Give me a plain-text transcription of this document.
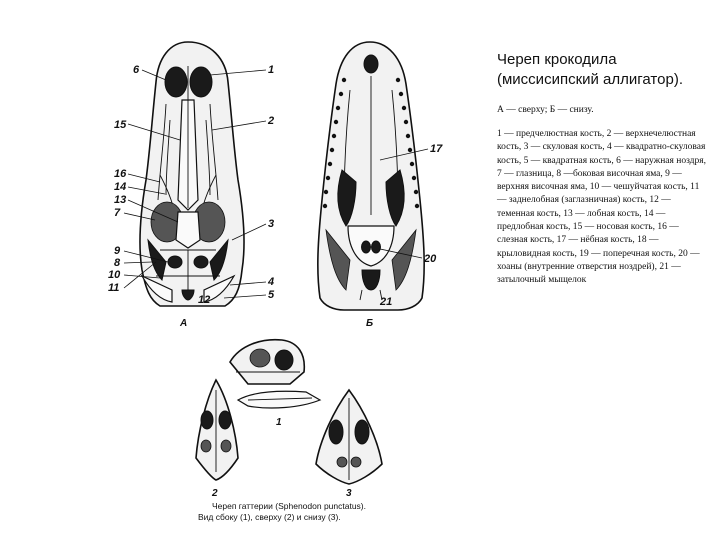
6
15
16
14
13
7
9
8
10
11
1
2
3
4
5
12
А
17
20
21
Б
1
2	3
Череп гаттерии (Sphenodon punctatus).
Вид сбоку (1), сверху (2) и снизу (3).

Череп крокодила (миссисипский аллигатор).

А — сверху; Б — снизу.

1 — предчелюстная кость, 2 — верхнечелюстная кость, 3 — скуловая кость, 4 — квадратно-скуловая кость, 5 — квадратная кость, 6 — наружная ноздря, 7 — глазница, 8 —боковая височная яма, 9 — верхняя височная яма, 10 — чешуйчатая кость, 11 — заднелобная (заглазничная) кость, 12 — теменная кость, 13 — лобная кость, 14 — предлобная кость, 15 — носовая кость, 16 — слезная кость, 17 — нёбная кость, 18 — крыловидная кость, 19 — поперечная кость, 20 — хоаны (внутренние отверстия ноздрей), 21 — затылочный мыщелок
